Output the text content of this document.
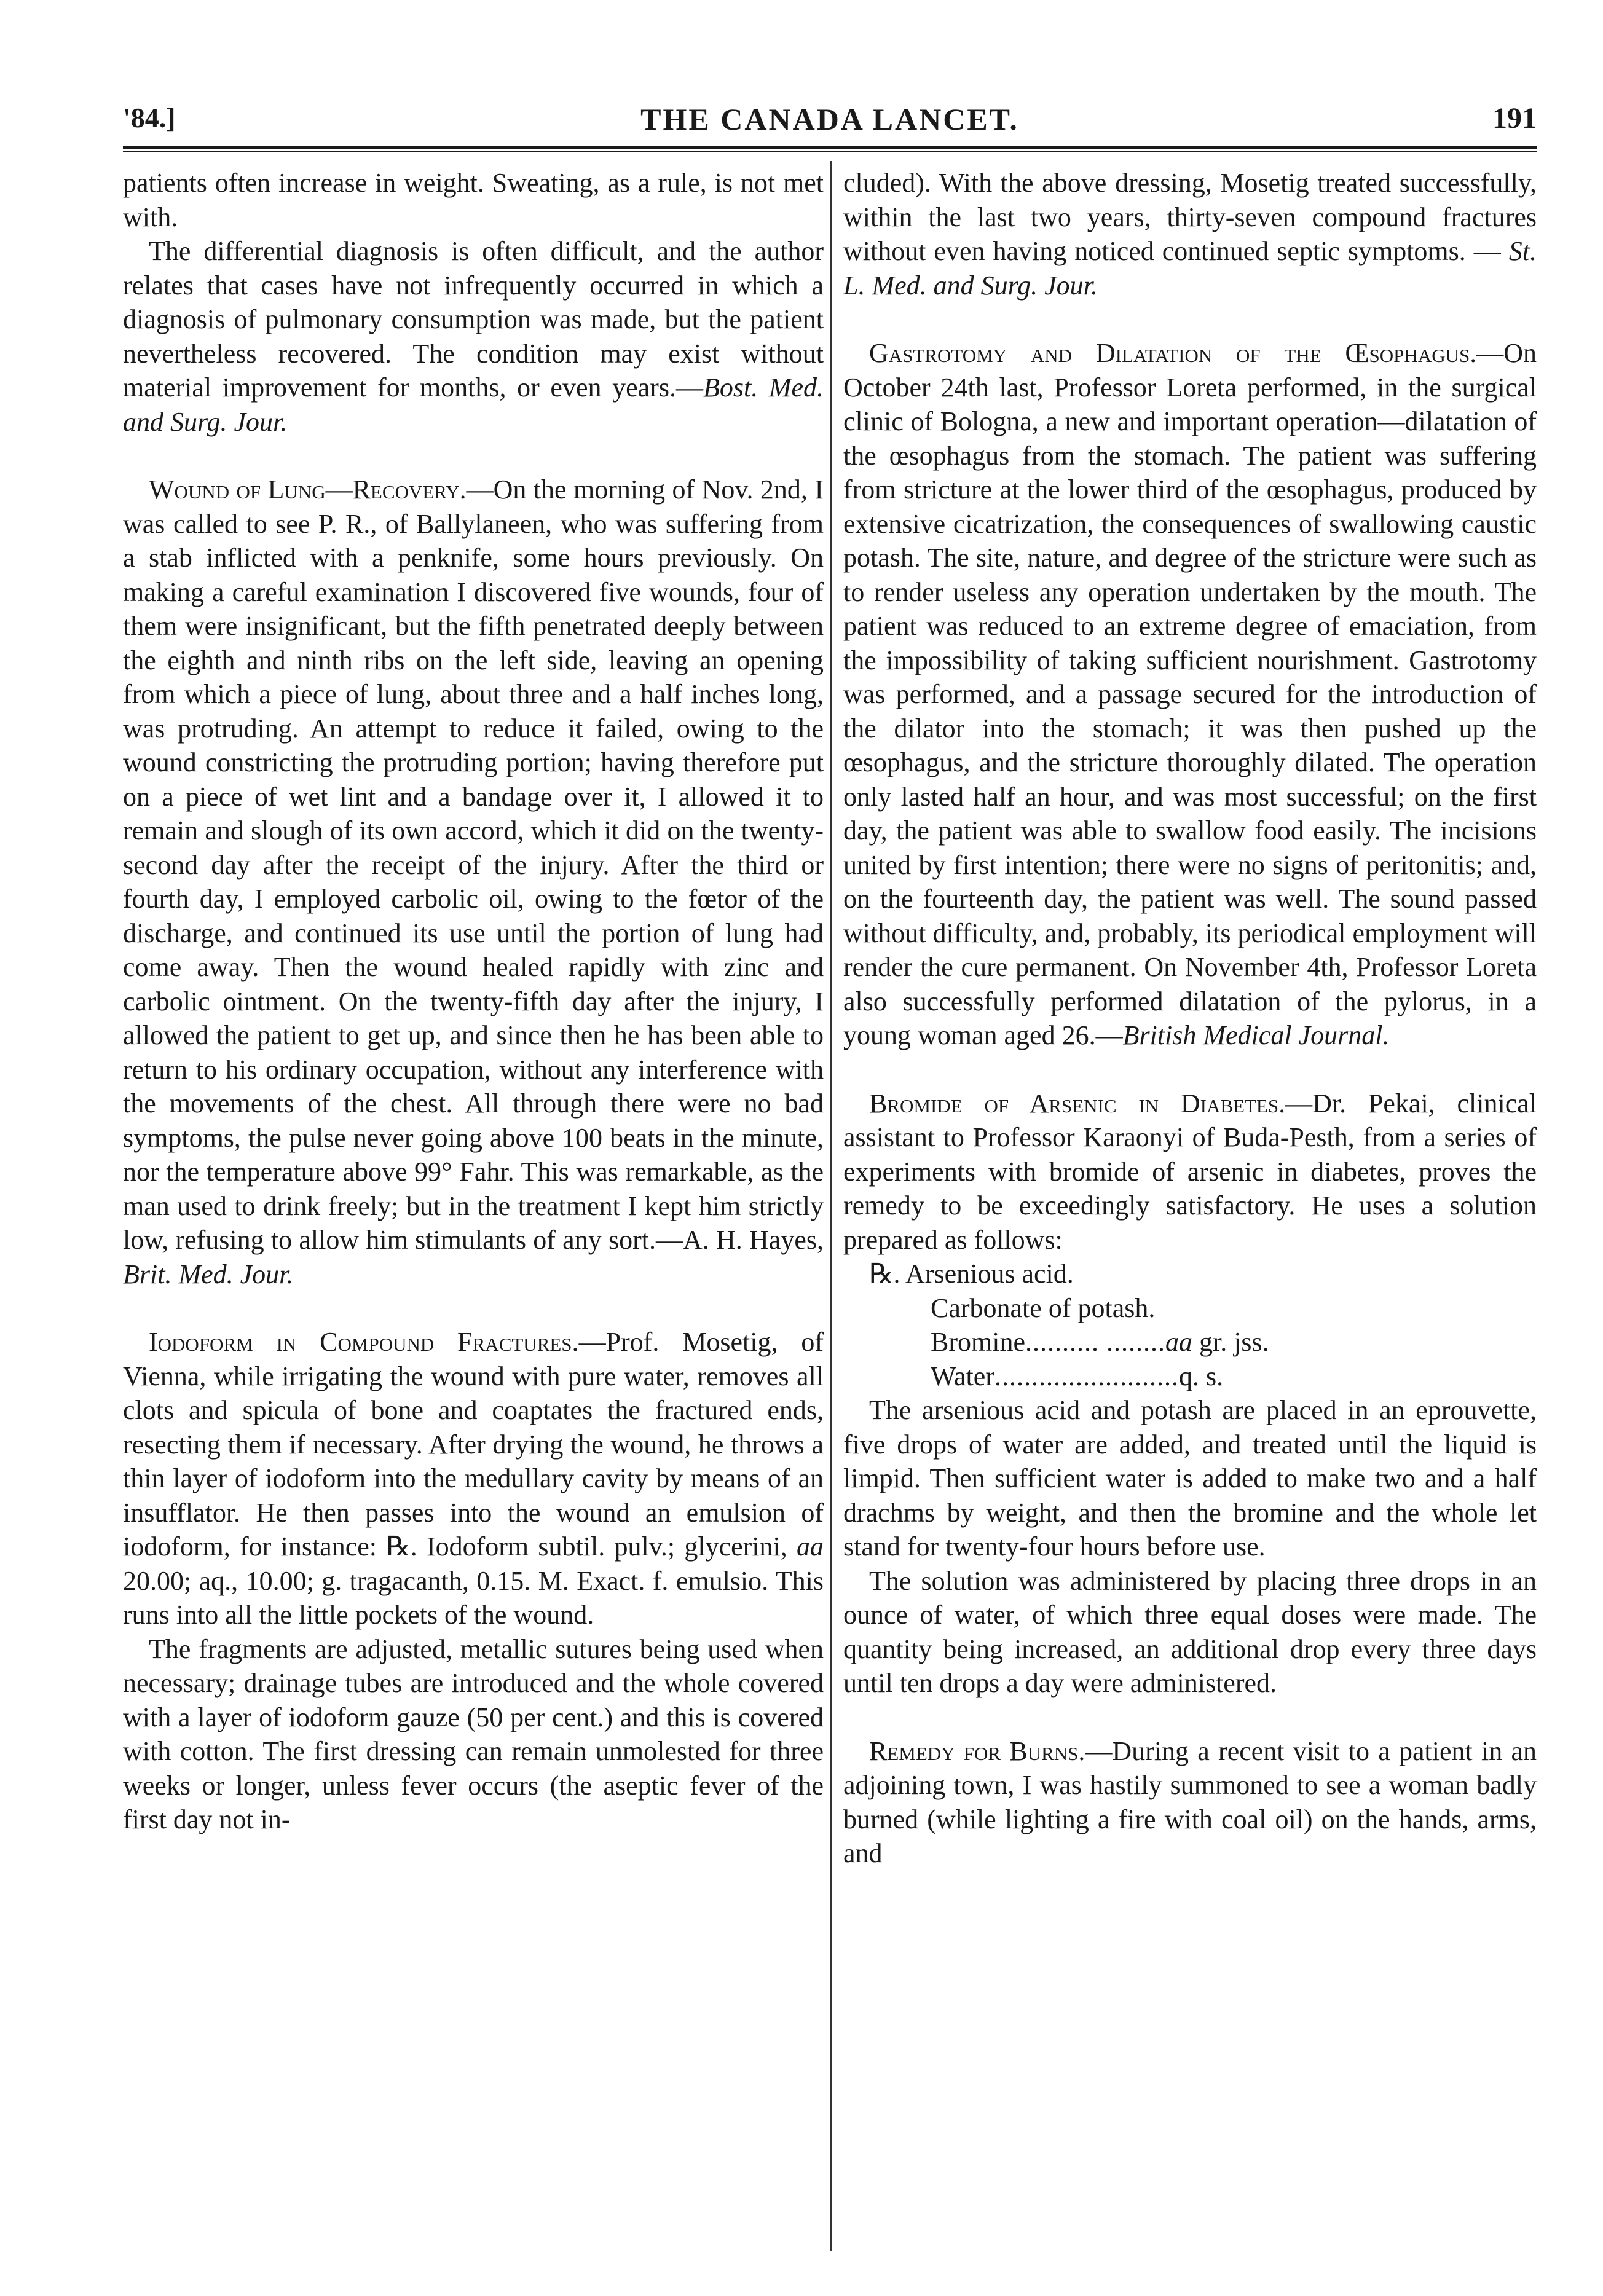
'84.]	THE CANADA LANCET.	191

patients often increase in weight. Sweating, as a rule, is not met with.

The differential diagnosis is often difficult, and the author relates that cases have not infrequently occurred in which a diagnosis of pulmonary consumption was made, but the patient nevertheless recovered. The condition may exist without material improvement for months, or even years.—Bost. Med. and Surg. Jour.

Wound of Lung—Recovery.—On the morning of Nov. 2nd, I was called to see P. R., of Ballylaneen, who was suffering from a stab inflicted with a penknife, some hours previously. On making a careful examination I discovered five wounds, four of them were insignificant, but the fifth penetrated deeply between the eighth and ninth ribs on the left side, leaving an opening from which a piece of lung, about three and a half inches long, was protruding. An attempt to reduce it failed, owing to the wound constricting the protruding portion; having therefore put on a piece of wet lint and a bandage over it, I allowed it to remain and slough of its own accord, which it did on the twenty-second day after the receipt of the injury. After the third or fourth day, I employed carbolic oil, owing to the fœtor of the discharge, and continued its use until the portion of lung had come away. Then the wound healed rapidly with zinc and carbolic ointment. On the twenty-fifth day after the injury, I allowed the patient to get up, and since then he has been able to return to his ordinary occupation, without any interference with the movements of the chest. All through there were no bad symptoms, the pulse never going above 100 beats in the minute, nor the temperature above 99° Fahr. This was remarkable, as the man used to drink freely; but in the treatment I kept him strictly low, refusing to allow him stimulants of any sort.—A. H. Hayes, Brit. Med. Jour.

Iodoform in Compound Fractures.—Prof. Mosetig, of Vienna, while irrigating the wound with pure water, removes all clots and spicula of bone and coaptates the fractured ends, resecting them if necessary. After drying the wound, he throws a thin layer of iodoform into the medullary cavity by means of an insufflator. He then passes into the wound an emulsion of iodoform, for instance: ℞. Iodoform subtil. pulv.; glycerini, aa 20.00; aq., 10.00; g. tragacanth, 0.15. M. Exact. f. emulsio. This runs into all the little pockets of the wound.

The fragments are adjusted, metallic sutures being used when necessary; drainage tubes are introduced and the whole covered with a layer of iodoform gauze (50 per cent.) and this is covered with cotton. The first dressing can remain unmolested for three weeks or longer, unless fever occurs (the aseptic fever of the first day not in-

cluded). With the above dressing, Mosetig treated successfully, within the last two years, thirty-seven compound fractures without even having noticed continued septic symptoms. — St. L. Med. and Surg. Jour.

Gastrotomy and Dilatation of the Œsophagus.—On October 24th last, Professor Loreta performed, in the surgical clinic of Bologna, a new and important operation—dilatation of the œsophagus from the stomach. The patient was suffering from stricture at the lower third of the œsophagus, produced by extensive cicatrization, the consequences of swallowing caustic potash. The site, nature, and degree of the stricture were such as to render useless any operation undertaken by the mouth. The patient was reduced to an extreme degree of emaciation, from the impossibility of taking sufficient nourishment. Gastrotomy was performed, and a passage secured for the introduction of the dilator into the stomach; it was then pushed up the œsophagus, and the stricture thoroughly dilated. The operation only lasted half an hour, and was most successful; on the first day, the patient was able to swallow food easily. The incisions united by first intention; there were no signs of peritonitis; and, on the fourteenth day, the patient was well. The sound passed without difficulty, and, probably, its periodical employment will render the cure permanent. On November 4th, Professor Loreta also successfully performed dilatation of the pylorus, in a young woman aged 26.—British Medical Journal.

Bromide of Arsenic in Diabetes.—Dr. Pekai, clinical assistant to Professor Karaonyi of Buda-Pesth, from a series of experiments with bromide of arsenic in diabetes, proves the remedy to be exceedingly satisfactory. He uses a solution prepared as follows:

℞. Arsenious acid.
Carbonate of potash.
Bromine.......... ........aa gr. jss.
Water.........................q. s.

The arsenious acid and potash are placed in an eprouvette, five drops of water are added, and treated until the liquid is limpid. Then sufficient water is added to make two and a half drachms by weight, and then the bromine and the whole let stand for twenty-four hours before use.

The solution was administered by placing three drops in an ounce of water, of which three equal doses were made. The quantity being increased, an additional drop every three days until ten drops a day were administered.

Remedy for Burns.—During a recent visit to a patient in an adjoining town, I was hastily summoned to see a woman badly burned (while lighting a fire with coal oil) on the hands, arms, and
